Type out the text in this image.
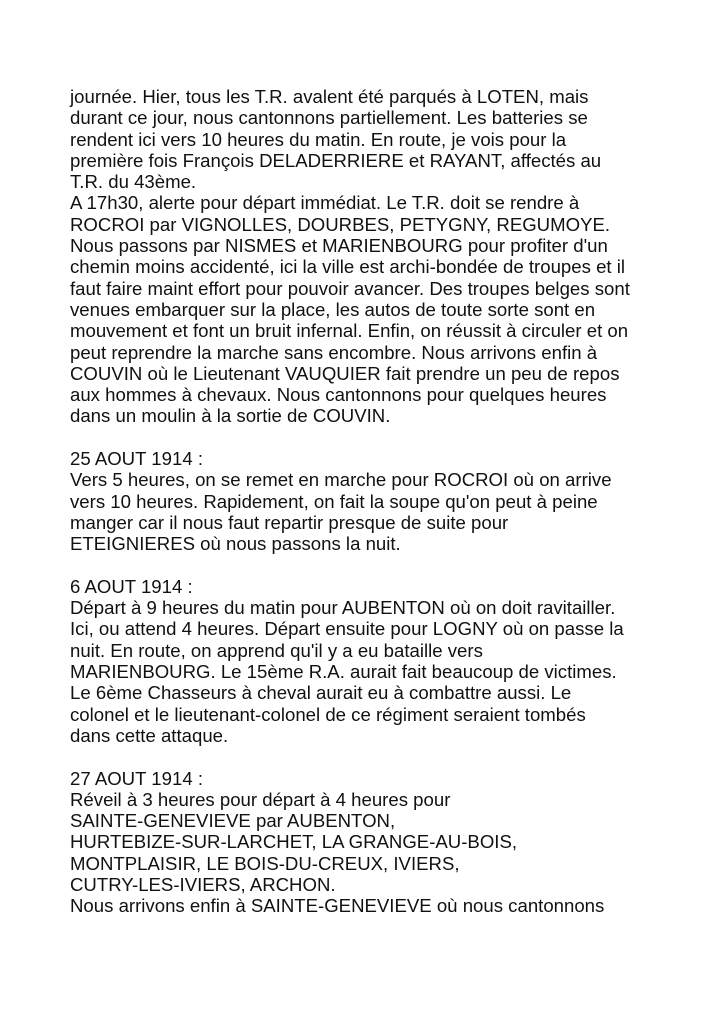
journée. Hier, tous les T.R. avalent été parqués à LOTEN, mais
durant ce jour, nous cantonnons partiellement. Les batteries se
rendent ici vers 10 heures du matin. En route, je vois pour la
première fois François DELADERRIERE et RAYANT, affectés au
T.R. du 43ème.
A 17h30, alerte pour départ immédiat. Le T.R. doit se rendre à
ROCROI par VIGNOLLES, DOURBES, PETYGNY, REGUMOYE.
Nous passons par NISMES et MARIENBOURG pour profiter d'un
chemin moins accidenté, ici la ville est archi-bondée de troupes et il
faut faire maint effort pour pouvoir avancer. Des troupes belges sont
venues embarquer sur la place, les autos de toute sorte sont en
mouvement et font un bruit infernal. Enfin, on réussit à circuler et on
peut reprendre la marche sans encombre. Nous arrivons enfin à
COUVIN où le Lieutenant VAUQUIER fait prendre un peu de repos
aux hommes à chevaux. Nous cantonnons pour quelques heures
dans un moulin à la sortie de COUVIN.
25 AOUT 1914 :
Vers 5 heures, on se remet en marche pour ROCROI où on arrive
vers 10 heures. Rapidement, on fait la soupe qu'on peut à peine
manger car il nous faut repartir presque de suite pour
ETEIGNIERES où nous passons la nuit.
6 AOUT 1914 :
Départ à 9 heures du matin pour AUBENTON où on doit ravitailler.
Ici, ou attend 4 heures. Départ ensuite pour LOGNY où on passe la
nuit. En route, on apprend qu'il y a eu bataille vers
MARIENBOURG. Le 15ème R.A. aurait fait beaucoup de victimes.
Le 6ème Chasseurs à cheval aurait eu à combattre aussi. Le
colonel et le lieutenant-colonel de ce régiment seraient tombés
dans cette attaque.
27 AOUT 1914 :
Réveil à 3 heures pour départ à 4 heures pour
SAINTE-GENEVIEVE par AUBENTON,
HURTEBIZE-SUR-LARCHET, LA GRANGE-AU-BOIS,
MONTPLAISIR, LE BOIS-DU-CREUX, IVIERS,
CUTRY-LES-IVIERS, ARCHON.
Nous arrivons enfin à SAINTE-GENEVIEVE où nous cantonnons
